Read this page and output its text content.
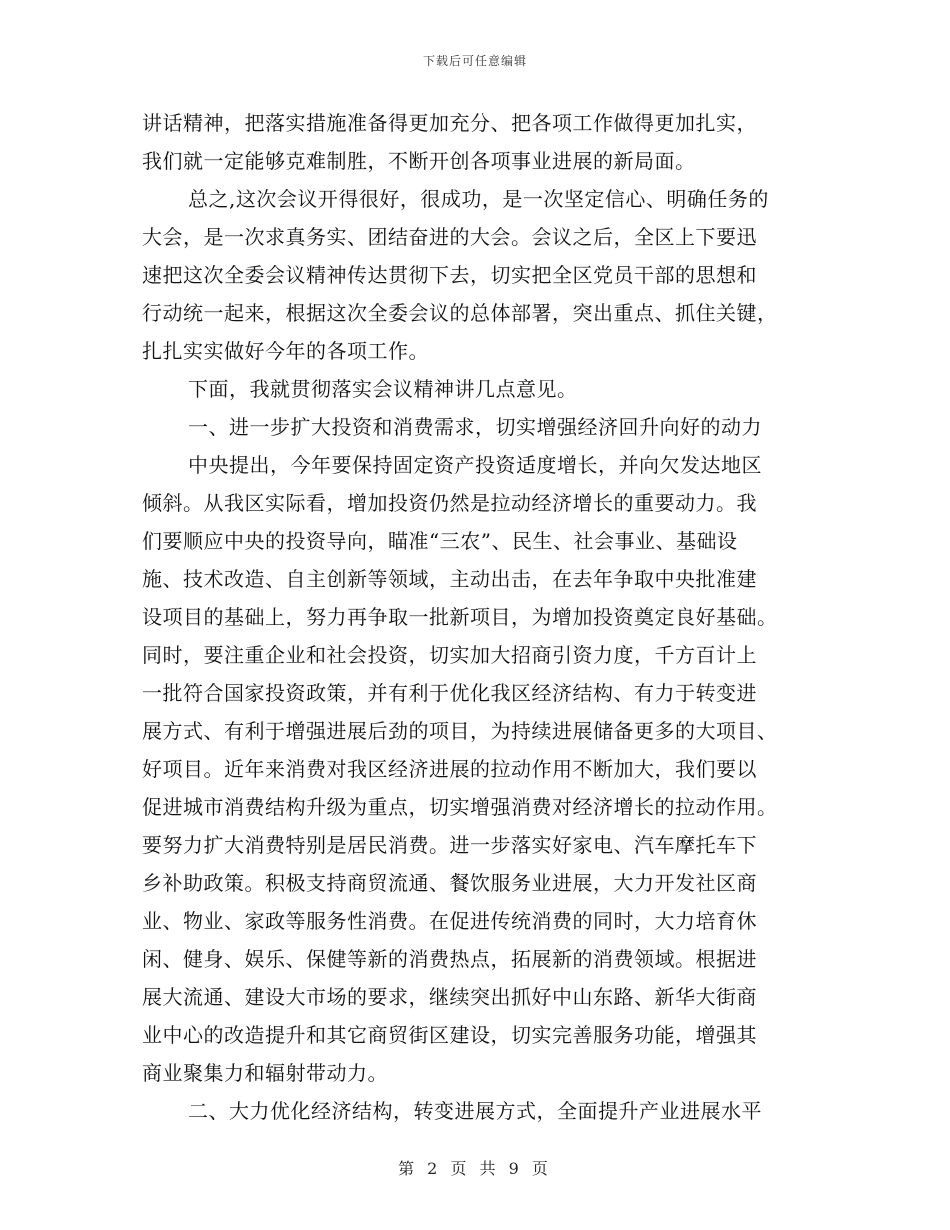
下载后可任意编辑
讲话精神，把落实措施准备得更加充分、把各项工作做得更加扎实，
我们就一定能够克难制胜，不断开创各项事业进展的新局面。
总之,这次会议开得很好，很成功，是一次坚定信心、明确任务的
大会，是一次求真务实、团结奋进的大会。会议之后，全区上下要迅
速把这次全委会议精神传达贯彻下去，切实把全区党员干部的思想和
行动统一起来，根据这次全委会议的总体部署，突出重点、抓住关键，
扎扎实实做好今年的各项工作。
下面，我就贯彻落实会议精神讲几点意见。
一、进一步扩大投资和消费需求，切实增强经济回升向好的动力
中央提出，今年要保持固定资产投资适度增长，并向欠发达地区
倾斜。从我区实际看，增加投资仍然是拉动经济增长的重要动力。我
们要顺应中央的投资导向，瞄准“三农”、民生、社会事业、基础设
施、技术改造、自主创新等领域，主动出击，在去年争取中央批准建
设项目的基础上，努力再争取一批新项目，为增加投资奠定良好基础。
同时，要注重企业和社会投资，切实加大招商引资力度，千方百计上
一批符合国家投资政策，并有利于优化我区经济结构、有力于转变进
展方式、有利于增强进展后劲的项目，为持续进展储备更多的大项目、
好项目。近年来消费对我区经济进展的拉动作用不断加大，我们要以
促进城市消费结构升级为重点，切实增强消费对经济增长的拉动作用。
要努力扩大消费特别是居民消费。进一步落实好家电、汽车摩托车下
乡补助政策。积极支持商贸流通、餐饮服务业进展，大力开发社区商
业、物业、家政等服务性消费。在促进传统消费的同时，大力培育休
闲、健身、娱乐、保健等新的消费热点，拓展新的消费领域。根据进
展大流通、建设大市场的要求，继续突出抓好中山东路、新华大街商
业中心的改造提升和其它商贸街区建设，切实完善服务功能，增强其
商业聚集力和辐射带动力。
二、大力优化经济结构，转变进展方式，全面提升产业进展水平
第 2 页 共 9 页
